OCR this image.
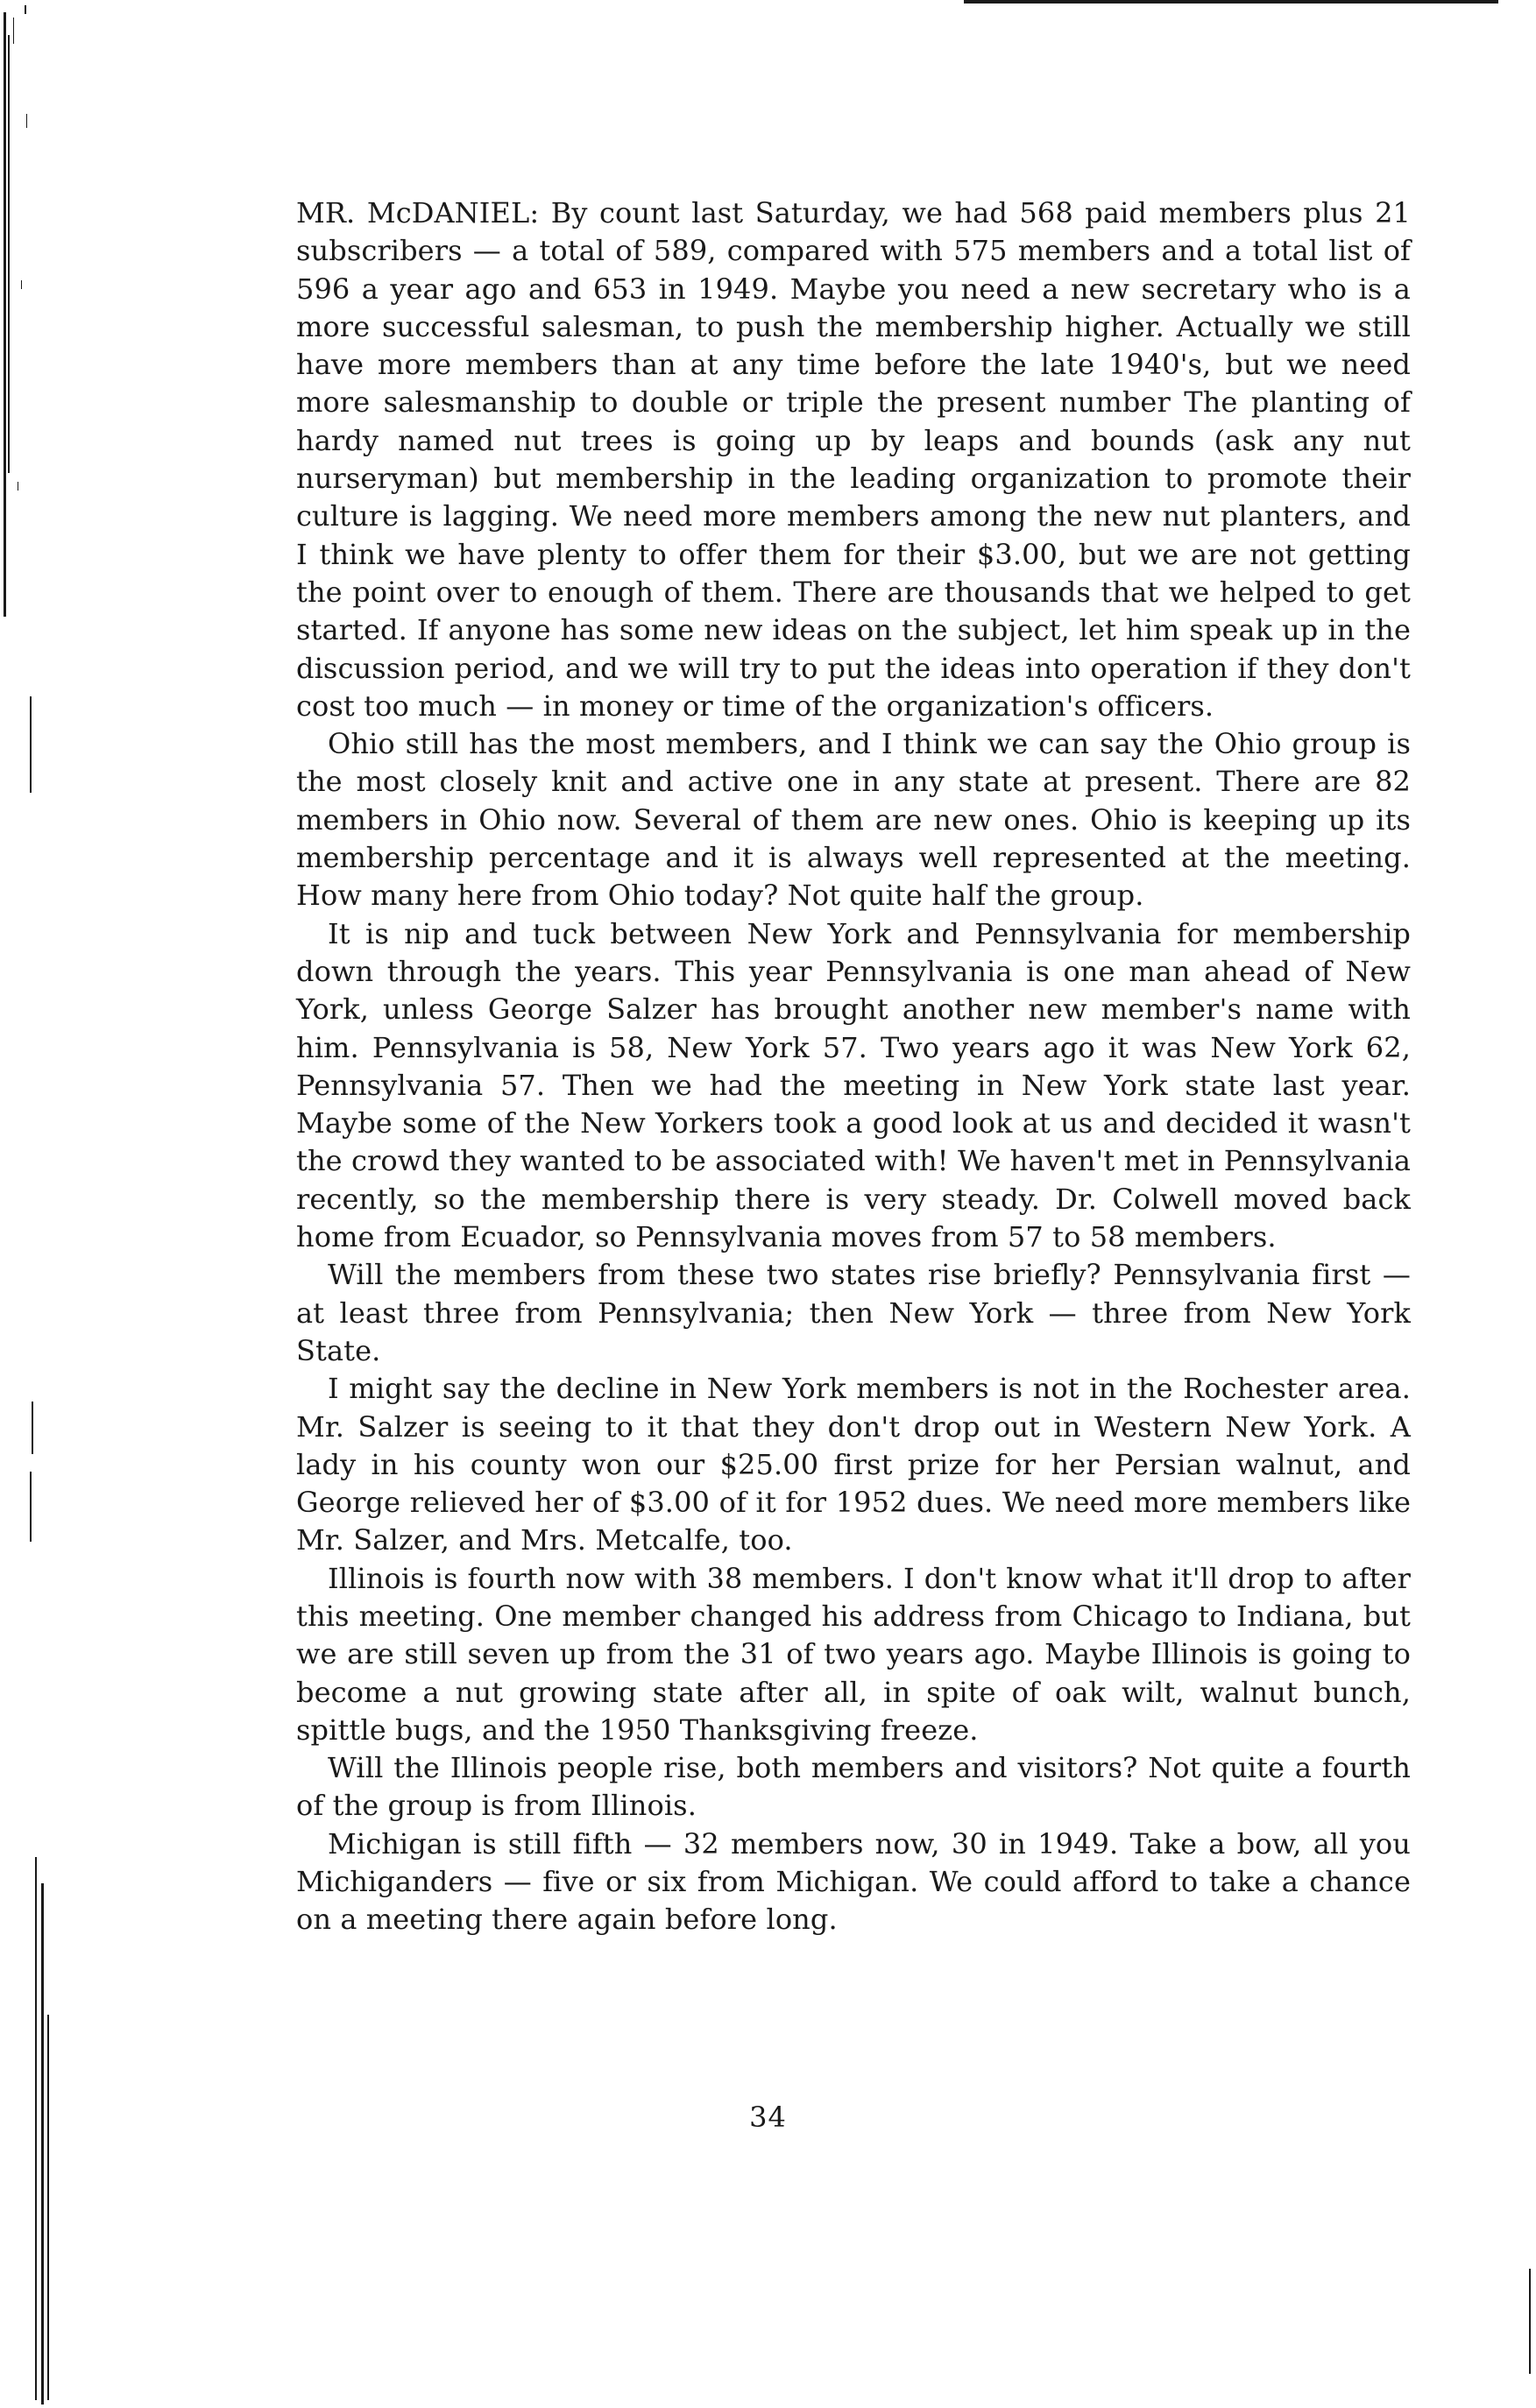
MR. McDANIEL: By count last Saturday, we had 568 paid members plus 21 subscribers — a total of 589, compared with 575 members and a total list of 596 a year ago and 653 in 1949. Maybe you need a new secretary who is a more successful salesman, to push the membership higher. Actually we still have more members than at any time before the late 1940's, but we need more salesmanship to double or triple the present number The planting of hardy named nut trees is going up by leaps and bounds (ask any nut nurseryman) but membership in the leading organization to promote their culture is lagging. We need more members among the new nut planters, and I think we have plenty to offer them for their $3.00, but we are not getting the point over to enough of them. There are thousands that we helped to get started. If anyone has some new ideas on the subject, let him speak up in the discussion period, and we will try to put the ideas into operation if they don't cost too much — in money or time of the organization's officers.

Ohio still has the most members, and I think we can say the Ohio group is the most closely knit and active one in any state at present. There are 82 members in Ohio now. Several of them are new ones. Ohio is keeping up its membership percentage and it is always well represented at the meeting. How many here from Ohio today? Not quite half the group.

It is nip and tuck between New York and Pennsylvania for membership down through the years. This year Pennsylvania is one man ahead of New York, unless George Salzer has brought another new member's name with him. Pennsylvania is 58, New York 57. Two years ago it was New York 62, Pennsylvania 57. Then we had the meeting in New York state last year. Maybe some of the New Yorkers took a good look at us and decided it wasn't the crowd they wanted to be associated with! We haven't met in Pennsylvania recently, so the membership there is very steady. Dr. Colwell moved back home from Ecuador, so Pennsylvania moves from 57 to 58 members.

Will the members from these two states rise briefly? Pennsylvania first — at least three from Pennsylvania; then New York — three from New York State.

I might say the decline in New York members is not in the Rochester area. Mr. Salzer is seeing to it that they don't drop out in Western New York. A lady in his county won our $25.00 first prize for her Persian walnut, and George relieved her of $3.00 of it for 1952 dues. We need more members like Mr. Salzer, and Mrs. Metcalfe, too.

Illinois is fourth now with 38 members. I don't know what it'll drop to after this meeting. One member changed his address from Chicago to Indiana, but we are still seven up from the 31 of two years ago. Maybe Illinois is going to become a nut growing state after all, in spite of oak wilt, walnut bunch, spittle bugs, and the 1950 Thanksgiving freeze.

Will the Illinois people rise, both members and visitors? Not quite a fourth of the group is from Illinois.

Michigan is still fifth — 32 members now, 30 in 1949. Take a bow, all you Michiganders — five or six from Michigan. We could afford to take a chance on a meeting there again before long.

34
